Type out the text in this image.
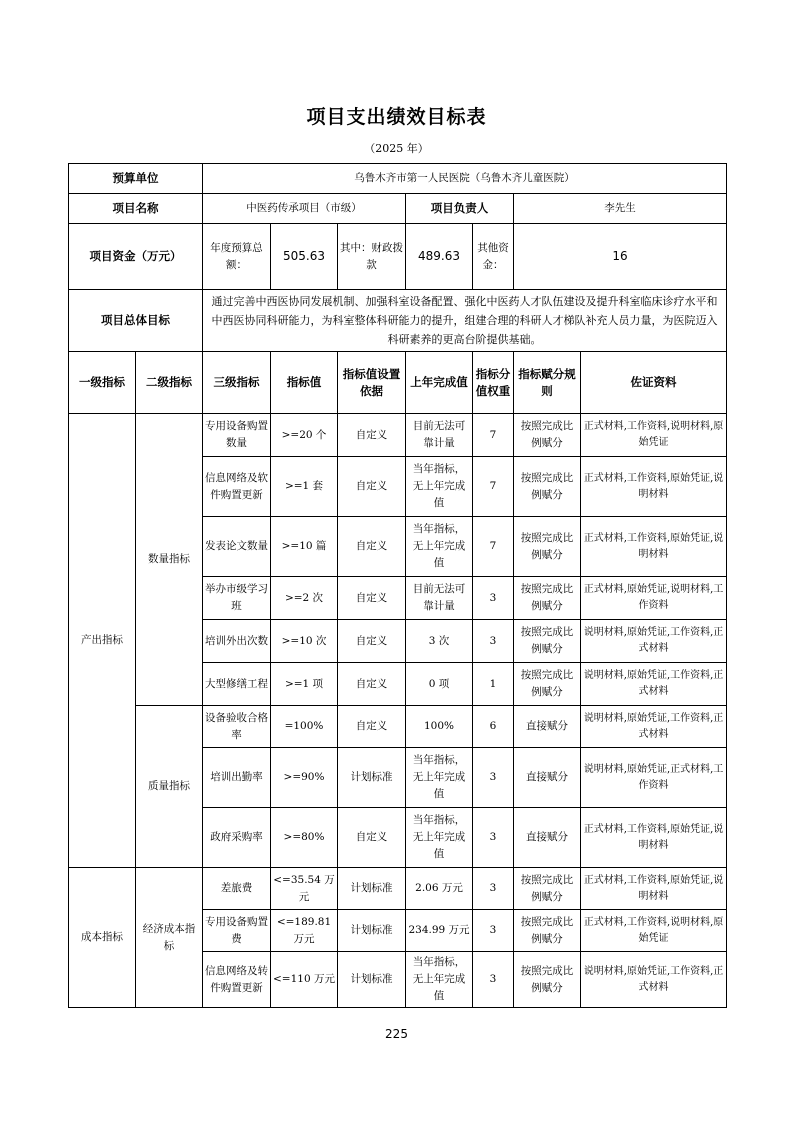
项目支出绩效目标表
（2025 年）
预算单位		乌鲁木齐市第一人民医院（乌鲁木齐儿童医院）						
项目名称		中医药传承项目（市级）			项目负责人		李先生	
项目资金（万元）		年度预算总额：	505.63	其中：财政拨款	489.63	其他资金：	16	
项目总体目标		通过完善中西医协同发展机制、加强科室设备配置、强化中医药人才队伍建设及提升科室临床诊疗水平和中西医协同科研能力，为科室整体科研能力的提升，组建合理的科研人才梯队补充人员力量，为医院迈入科研素养的更高台阶提供基础。						
一级指标	二级指标	三级指标	指标值	指标值设置依据	上年完成值	指标分值权重	指标赋分规则	佐证资料
产出指标	数量指标	专用设备购置数量	>=20 个	自定义	目前无法可靠计量	7	按照完成比例赋分	正式材料,工作资料,说明材料,原始凭证
		信息网络及软件购置更新	>=1 套	自定义	当年指标，无上年完成值	7	按照完成比例赋分	正式材料,工作资料,原始凭证,说明材料
		发表论文数量	>=10 篇	自定义	当年指标，无上年完成值	7	按照完成比例赋分	正式材料,工作资料,原始凭证,说明材料
		举办市级学习班	>=2 次	自定义	目前无法可靠计量	3	按照完成比例赋分	正式材料,原始凭证,说明材料,工作资料
		培训外出次数	>=10 次	自定义	3 次	3	按照完成比例赋分	说明材料,原始凭证,工作资料,正式材料
		大型修缮工程	>=1 项	自定义	0 项	1	按照完成比例赋分	说明材料,原始凭证,工作资料,正式材料
	质量指标	设备验收合格率	=100%	自定义	100%	6	直接赋分	说明材料,原始凭证,工作资料,正式材料
		培训出勤率	>=90%	计划标准	当年指标，无上年完成值	3	直接赋分	说明材料,原始凭证,正式材料,工作资料
		政府采购率	>=80%	自定义	当年指标，无上年完成值	3	直接赋分	正式材料,工作资料,原始凭证,说明材料
成本指标	经济成本指标	差旅费	<=35.54 万元	计划标准	2.06 万元	3	按照完成比例赋分	正式材料,工作资料,原始凭证,说明材料
		专用设备购置费	<=189.81 万元	计划标准	234.99 万元	3	按照完成比例赋分	正式材料,工作资料,说明材料,原始凭证
		信息网络及转件购置更新	<=110 万元	计划标准	当年指标，无上年完成值	3	按照完成比例赋分	说明材料,原始凭证,工作资料,正式材料
225
